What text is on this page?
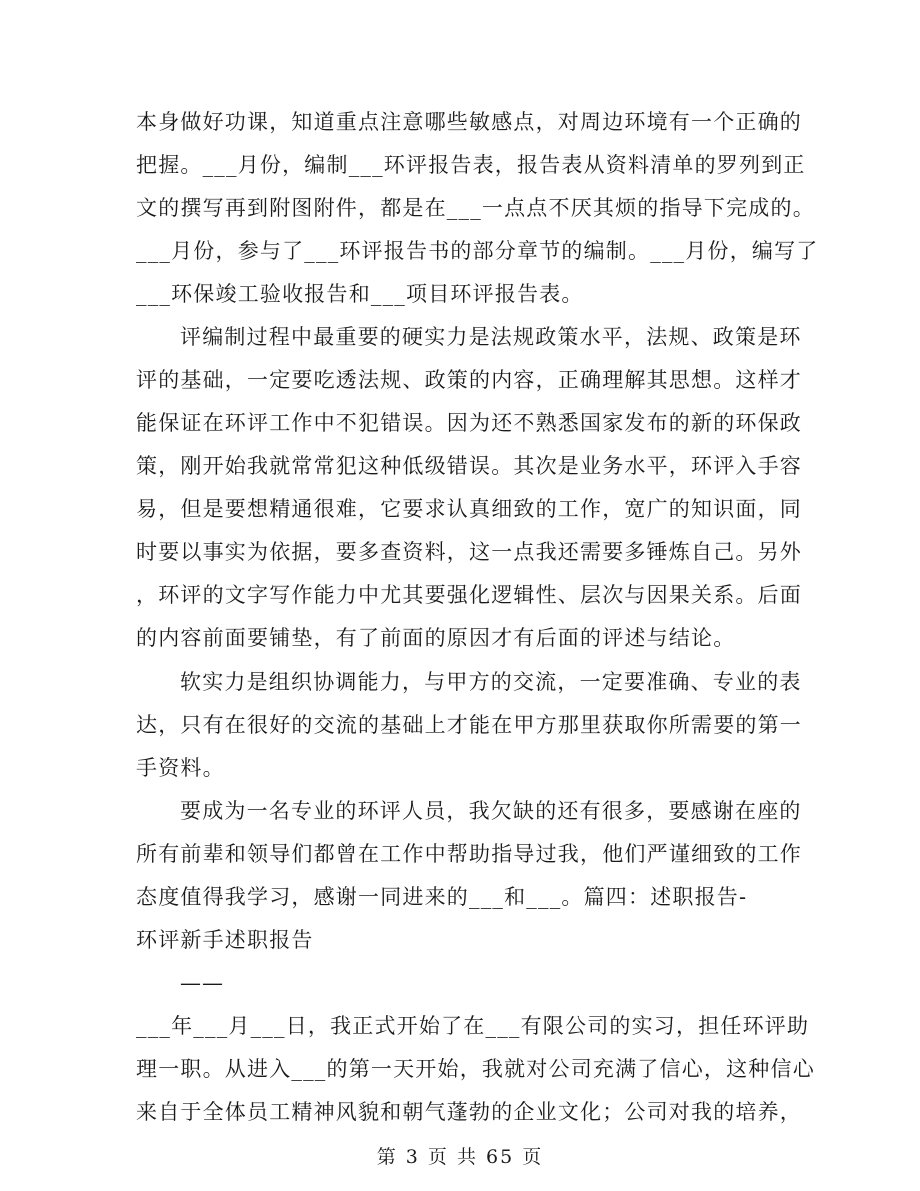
本身做好功课，知道重点注意哪些敏感点，对周边环境有一个正确的
把握。___月份，编制___环评报告表，报告表从资料清单的罗列到正
文的撰写再到附图附件，都是在___一点点不厌其烦的指导下完成的。
___月份，参与了___环评报告书的部分章节的编制。___月份，编写了
___环保竣工验收报告和___项目环评报告表。
评编制过程中最重要的硬实力是法规政策水平，法规、政策是环
评的基础，一定要吃透法规、政策的内容，正确理解其思想。这样才
能保证在环评工作中不犯错误。因为还不熟悉国家发布的新的环保政
策，刚开始我就常常犯这种低级错误。其次是业务水平，环评入手容
易，但是要想精通很难，它要求认真细致的工作，宽广的知识面，同
时要以事实为依据，要多查资料，这一点我还需要多锤炼自己。另外
，环评的文字写作能力中尤其要强化逻辑性、层次与因果关系。后面
的内容前面要铺垫，有了前面的原因才有后面的评述与结论。
软实力是组织协调能力，与甲方的交流，一定要准确、专业的表
达，只有在很好的交流的基础上才能在甲方那里获取你所需要的第一
手资料。
要成为一名专业的环评人员，我欠缺的还有很多，要感谢在座的
所有前辈和领导们都曾在工作中帮助指导过我，他们严谨细致的工作
态度值得我学习，感谢一同进来的___和___。篇四：述职报告-
环评新手述职报告
——
___年___月___日，我正式开始了在___有限公司的实习，担任环评助
理一职。从进入___的第一天开始，我就对公司充满了信心，这种信心
来自于全体员工精神风貌和朝气蓬勃的企业文化；公司对我的培养，
第 3 页 共 65 页
